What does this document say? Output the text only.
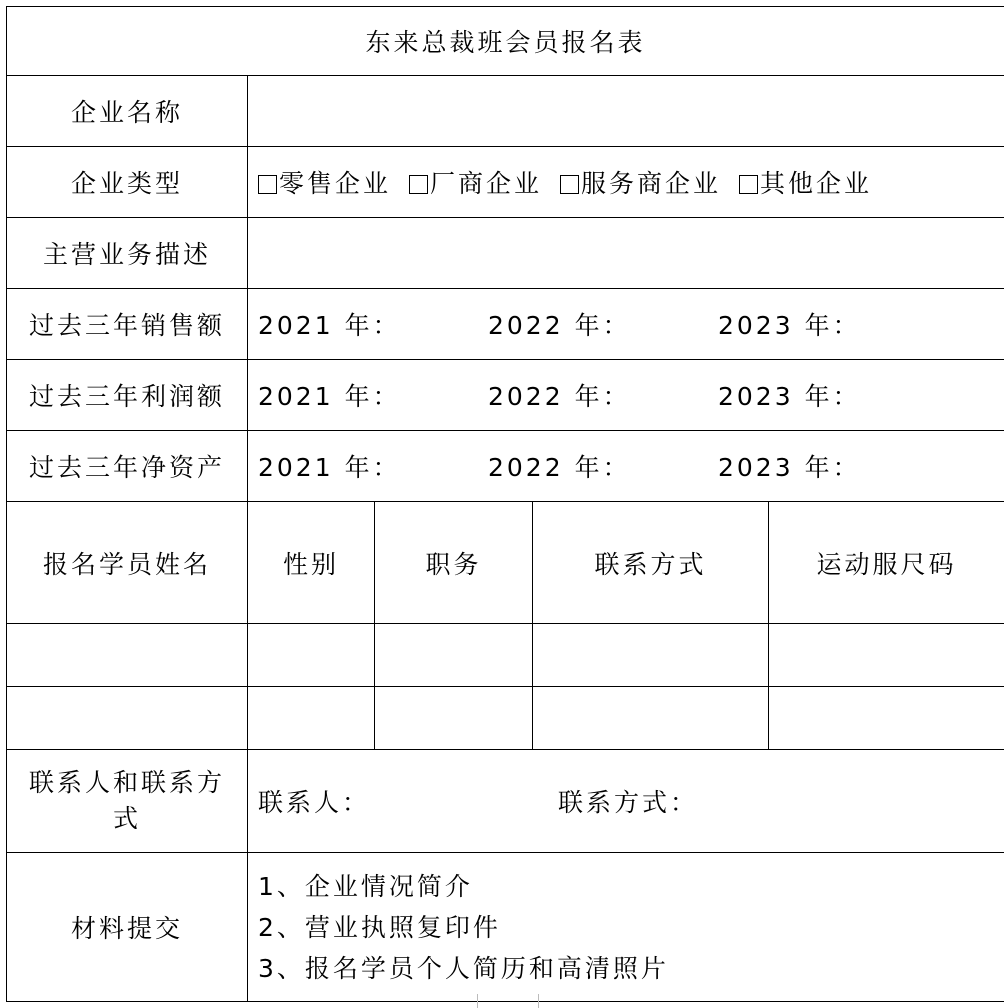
东来总裁班会员报名表				
企业名称				
企业类型	零售企业 厂商企业 服务商企业 其他企业			
主营业务描述				
过去三年销售额	2021 年： 2022 年： 2023 年：			
过去三年利润额	2021 年： 2022 年： 2023 年：			
过去三年净资产	2021 年： 2022 年： 2023 年：			
报名学员姓名	性别	职务	联系方式	运动服尺码

联系人和联系方式	联系人： 联系方式：			
材料提交	1、企业情况简介
2、营业执照复印件
3、报名学员个人简历和高清照片			
